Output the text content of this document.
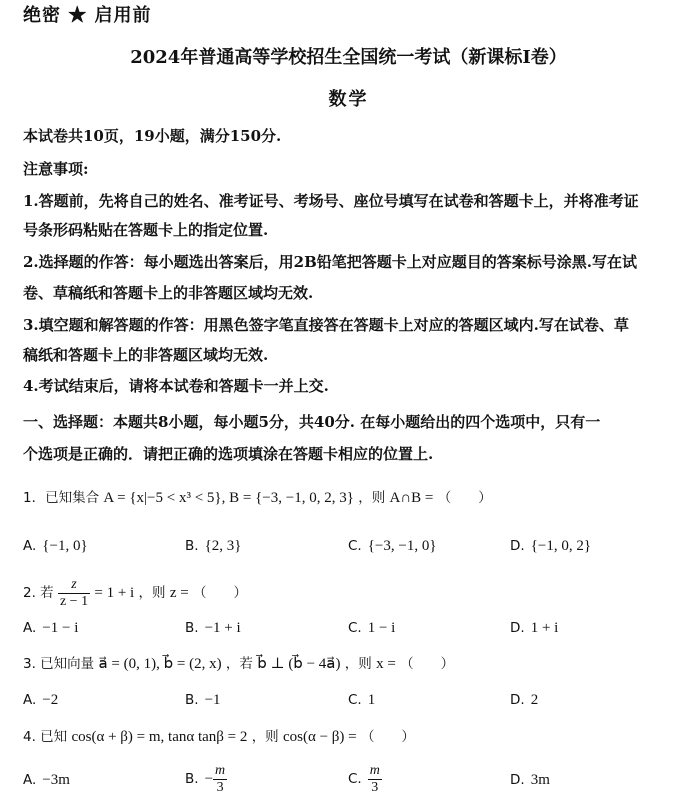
绝密 ★ 启用前
2024年普通高等学校招生全国统一考试（新课标I卷）
数学
本试卷共10页，19小题，满分150分.
注意事项:
1.答题前，先将自己的姓名、准考证号、考场号、座位号填写在试卷和答题卡上，并将准考证
号条形码粘贴在答题卡上的指定位置.
2.选择题的作答：每小题选出答案后，用2B铅笔把答题卡上对应题目的答案标号涂黑.写在试
卷、草稿纸和答题卡上的非答题区域均无效.
3.填空题和解答题的作答：用黑色签字笔直接答在答题卡上对应的答题区域内.写在试卷、草
稿纸和答题卡上的非答题区域均无效.
4.考试结束后，请将本试卷和答题卡一并上交.
一、选择题：本题共8小题，每小题5分，共40分. 在每小题给出的四个选项中，只有一
个选项是正确的．请把正确的选项填涂在答题卡相应的位置上.
1．已知集合 A = {x|−5 < x³ < 5}, B = {−3, −1, 0, 2, 3} ，则 A∩B = （　　）
A. {−1, 0}	B. {2, 3}	C. {−3, −1, 0}	D. {−1, 0, 2}
2. 若 $\frac{z}{z - 1} = 1 + i$ ，则 z = （　　）
A. −1 − i	B. −1 + i	C. 1 − i	D. 1 + i
3. 已知向量 a⃗ = (0, 1), b⃗ = (2, x) ，若 b⃗ ⊥ (b⃗ − 4a⃗) ，则 x = （　　）
A. −2	B. −1	C. 1	D. 2
4. 已知 cos(α + β) = m, tanα tanβ = 2 ，则 cos(α − β) = （　　）
A. −3m	B. − $\frac{m}{3}$	C. $\frac{m}{3}$	D. 3m
